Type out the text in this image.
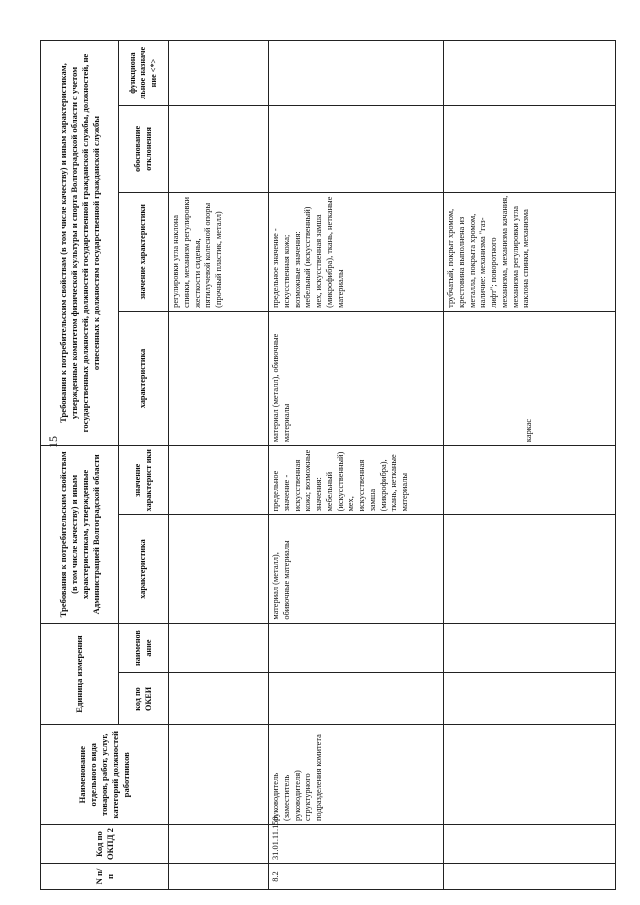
15
N п/п	Код по ОКПД 2	Наименование отдельного вида товаров, работ, услуг, категорий должностей работников	Единица измерения		Требования к потребительским свойствам (в том числе качеству) и иным характеристикам, утвержденные Администрацией Волгоградской области		Требования к потребительским свойствам (в том числе качеству) и иным характеристикам, утвержденные комитетом физической культуры и спорта Волгоградской области с учетом государственных должностей, должностей государственной гражданской службы, должностей, не отнесенных к должностям государственной гражданской службы			
			код по ОКЕИ	наименов ание	характеристика	значение характерист ики	характеристика	значение характеристики	обоснование отклонения	функциона льное назначе ние <*>
								регулировки угла наклона спинки, механизм регулировки жесткости сиденья, пятилучевой колесной опоры (прочный пластик, металл)		
8.2	31.01.11.150.	руководитель (заместитель руководителя) структурного подразделения комитета			материал (металл), обивочные материалы	предельное значение - искусственная кожа; возможные значения: мебельный (искусственный) мех, искусственная замша (микрофибра), ткань, нетканые материалы	материал (металл), обивочные материалы	предельное значение - искусственная кожа; возможные значения: мебельный (искусственный) мех, искусственная замша (микрофибра), ткань, нетканые материалы		
							каркас	трубчатый, покрыт хромом, крестовина выполнена из металла, покрыта хромом, наличие: механизма "газ-лифт"; поворотного механизма, механизма качания, механизма регулировки угла наклона спинки, механизма		
